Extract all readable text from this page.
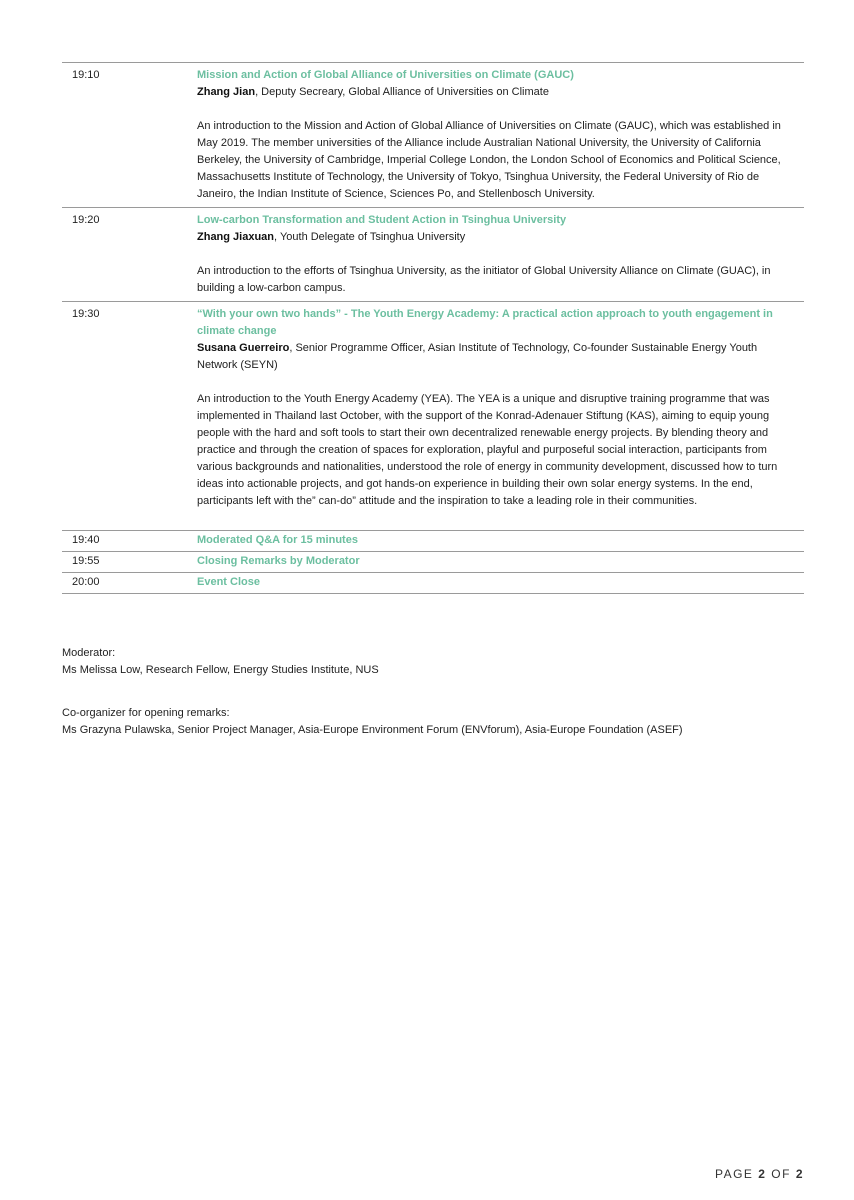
19:10	Mission and Action of Global Alliance of Universities on Climate (GAUC)
Zhang Jian, Deputy Secreary, Global Alliance of Universities on Climate
An introduction to the Mission and Action of Global Alliance of Universities on Climate (GAUC), which was established in May 2019. The member universities of the Alliance include Australian National University, the University of California Berkeley, the University of Cambridge, Imperial College London, the London School of Economics and Political Science, Massachusetts Institute of Technology, the University of Tokyo, Tsinghua University, the Federal University of Rio de Janeiro, the Indian Institute of Science, Sciences Po, and Stellenbosch University.
19:20	Low-carbon Transformation and Student Action in Tsinghua University
Zhang Jiaxuan, Youth Delegate of Tsinghua University
An introduction to the efforts of Tsinghua University, as the initiator of Global University Alliance on Climate (GUAC), in building a low-carbon campus.
19:30	“With your own two hands” - The Youth Energy Academy: A practical action approach to youth engagement in climate change
Susana Guerreiro, Senior Programme Officer, Asian Institute of Technology, Co-founder Sustainable Energy Youth Network (SEYN)
An introduction to the Youth Energy Academy (YEA). The YEA is a unique and disruptive training programme that was implemented in Thailand last October, with the support of the Konrad-Adenauer Stiftung (KAS), aiming to equip young people with the hard and soft tools to start their own decentralized renewable energy projects. By blending theory and practice and through the creation of spaces for exploration, playful and purposeful social interaction, participants from various backgrounds and nationalities, understood the role of energy in community development, discussed how to turn ideas into actionable projects, and got hands-on experience in building their own solar energy systems. In the end, participants left with the” can-do” attitude and the inspiration to take a leading role in their communities.
19:40	Moderated Q&A for 15 minutes
19:55	Closing Remarks by Moderator
20:00	Event Close
Moderator:
Ms Melissa Low, Research Fellow, Energy Studies Institute, NUS
Co-organizer for opening remarks:
Ms Grazyna Pulawska, Senior Project Manager, Asia-Europe Environment Forum (ENVforum), Asia-Europe Foundation (ASEF)
PAGE 2 OF 2
